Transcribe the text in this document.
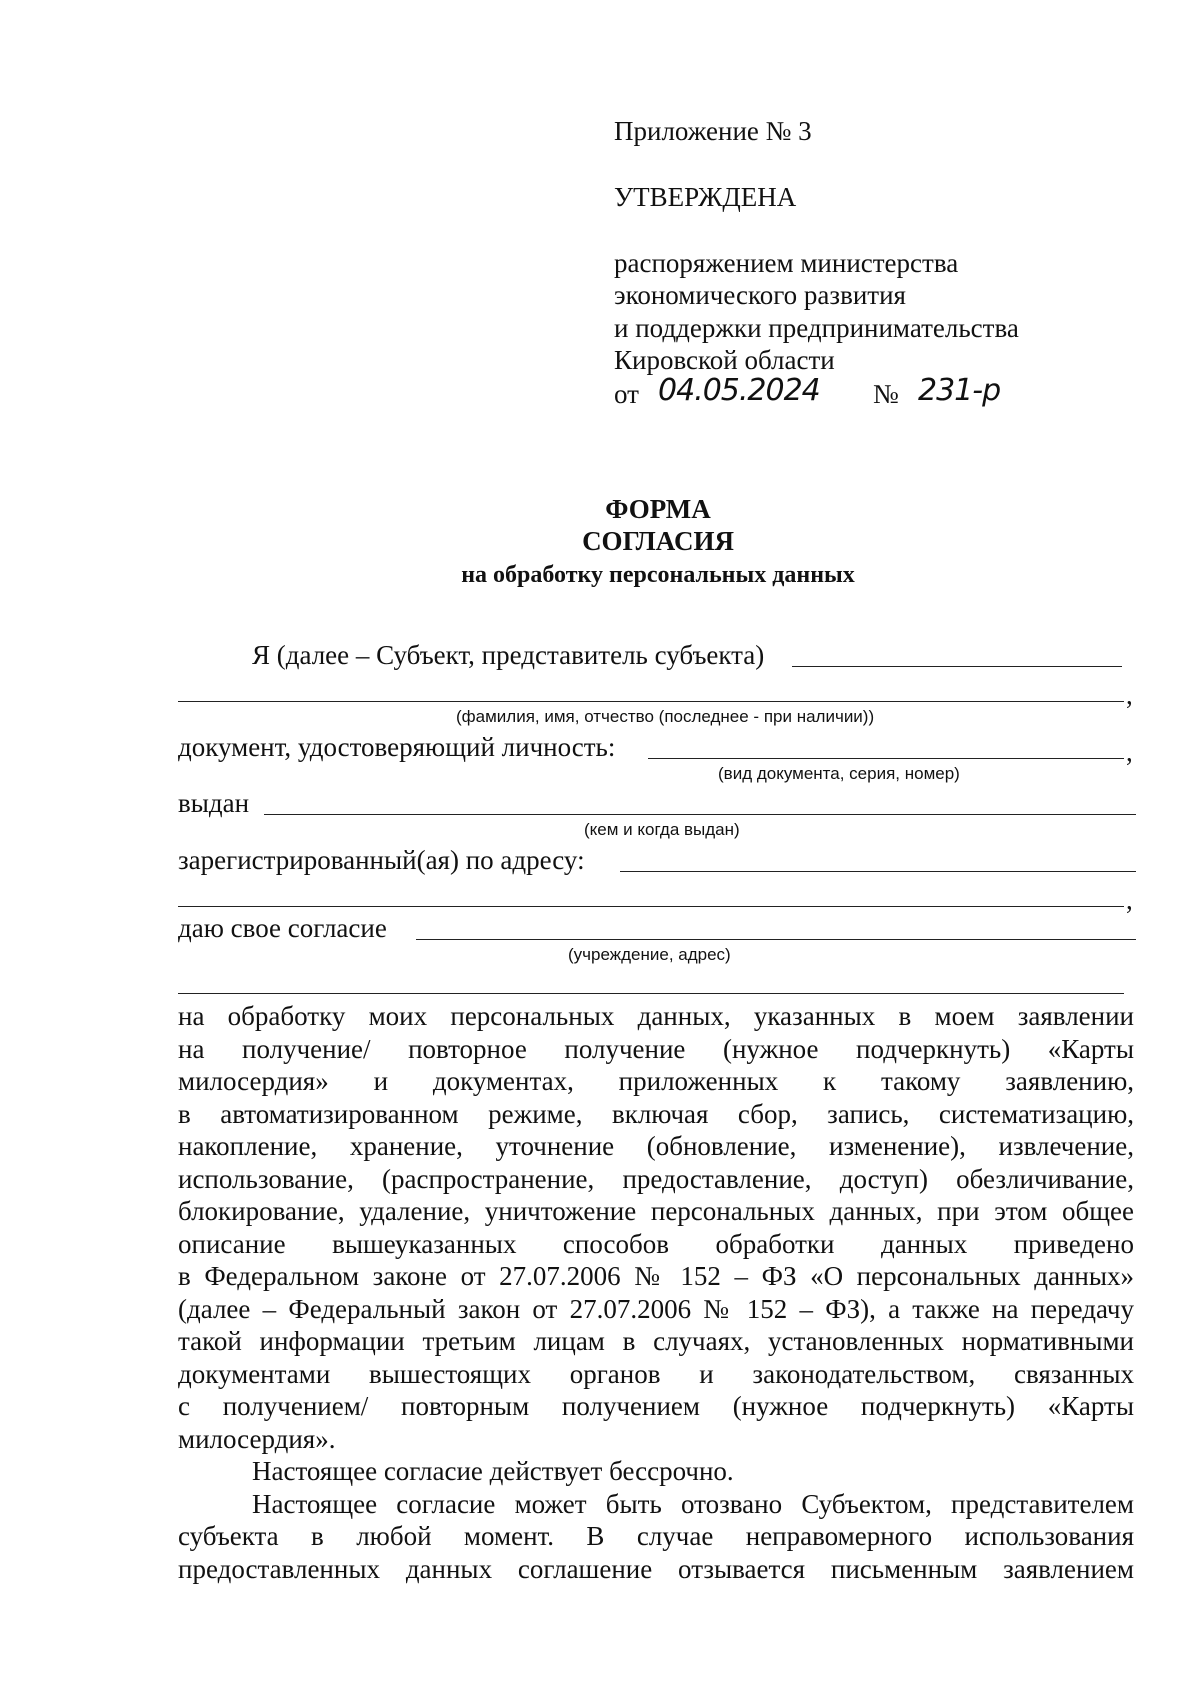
Приложение № 3
УТВЕРЖДЕНА
распоряжением министерства
экономического развития
и поддержки предпринимательства
Кировской области
от 04.05.2024 № 231-р
ФОРМА
СОГЛАСИЯ
на обработку персональных данных
Я (далее – Субъект, представитель субъекта)
,
(фамилия, имя, отчество (последнее - при наличии))
документ, удостоверяющий личность:	,
(вид документа, серия, номер)
выдан
(кем и когда выдан)
зарегистрированный(ая) по адресу:
,
даю свое согласие
(учреждение, адрес)
на обработку моих персональных данных, указанных в моем заявлении
на получение/ повторное получение (нужное подчеркнуть) «Карты
милосердия» и документах, приложенных к такому заявлению,
в автоматизированном режиме, включая сбор, запись, систематизацию,
накопление, хранение, уточнение (обновление, изменение), извлечение,
использование, (распространение, предоставление, доступ) обезличивание,
блокирование, удаление, уничтожение персональных данных, при этом общее
описание вышеуказанных способов обработки данных приведено
в Федеральном законе от 27.07.2006 № 152 – ФЗ «О персональных данных»
(далее – Федеральный закон от 27.07.2006 № 152 – ФЗ), а также на передачу
такой информации третьим лицам в случаях, установленных нормативными
документами вышестоящих органов и законодательством, связанных
с получением/ повторным получением (нужное подчеркнуть) «Карты
милосердия».
Настоящее согласие действует бессрочно.
Настоящее согласие может быть отозвано Субъектом, представителем
субъекта в любой момент. В случае неправомерного использования
предоставленных данных соглашение отзывается письменным заявлением
